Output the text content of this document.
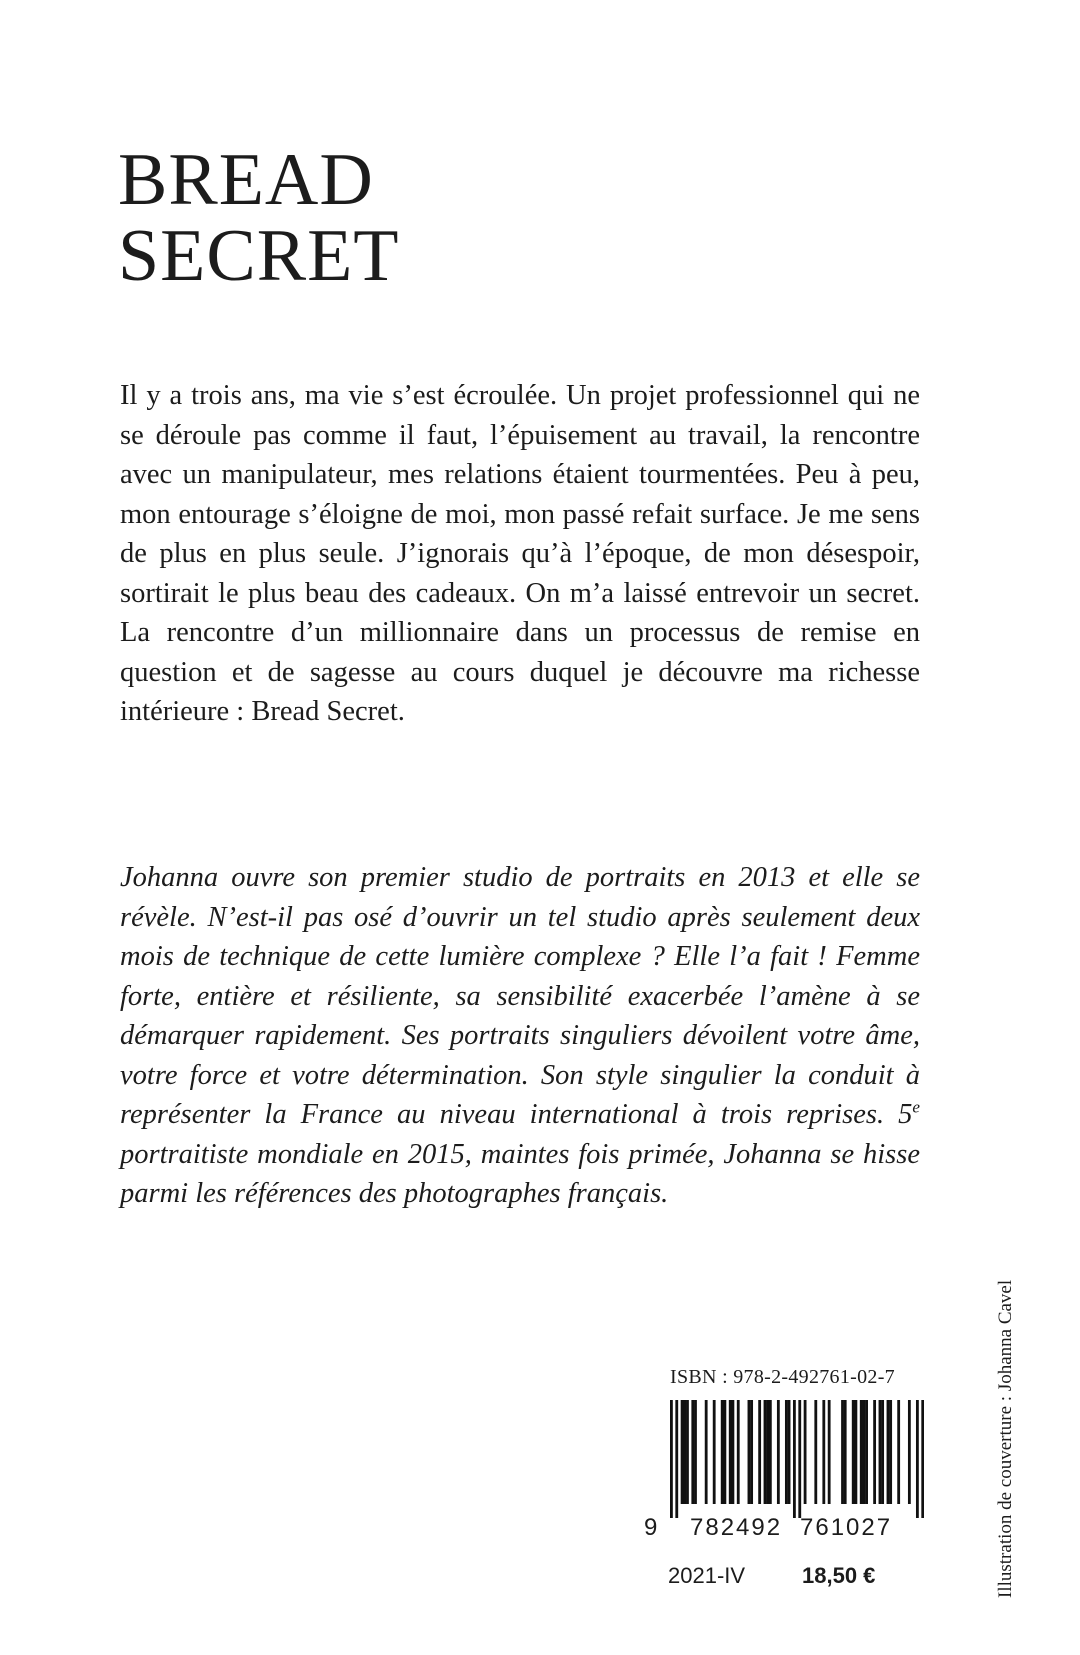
BREAD
SECRET

Il y a trois ans, ma vie s’est écroulée. Un projet professionnel qui ne se déroule pas comme il faut, l’épuisement au travail, la rencontre avec un manipulateur, mes relations étaient tourmentées. Peu à peu, mon entourage s’éloigne de moi, mon passé refait surface. Je me sens de plus en plus seule. J’ignorais qu’à l’époque, de mon désespoir, sortirait le plus beau des cadeaux. On m’a laissé entrevoir un secret. La rencontre d’un millionnaire dans un processus de remise en question et de sagesse au cours duquel je découvre ma richesse intérieure : Bread Secret.

Johanna ouvre son premier studio de portraits en 2013 et elle se révèle. N’est-il pas osé d’ouvrir un tel studio après seulement deux mois de technique de cette lumière complexe ? Elle l’a fait ! Femme forte, entière et résiliente, sa sensibilité exacerbée l’amène à se démarquer rapidement. Ses portraits singuliers dévoilent votre âme, votre force et votre détermination. Son style singulier la conduit à représenter la France au niveau international à trois reprises. 5e portraitiste mondiale en 2015, maintes fois primée, Johanna se hisse parmi les références des photographes français.

Illustration de couverture : Johanna Cavel
ISBN : 978-2-492761-02-7
9 782492 761027
2021-IV	18,50 €
